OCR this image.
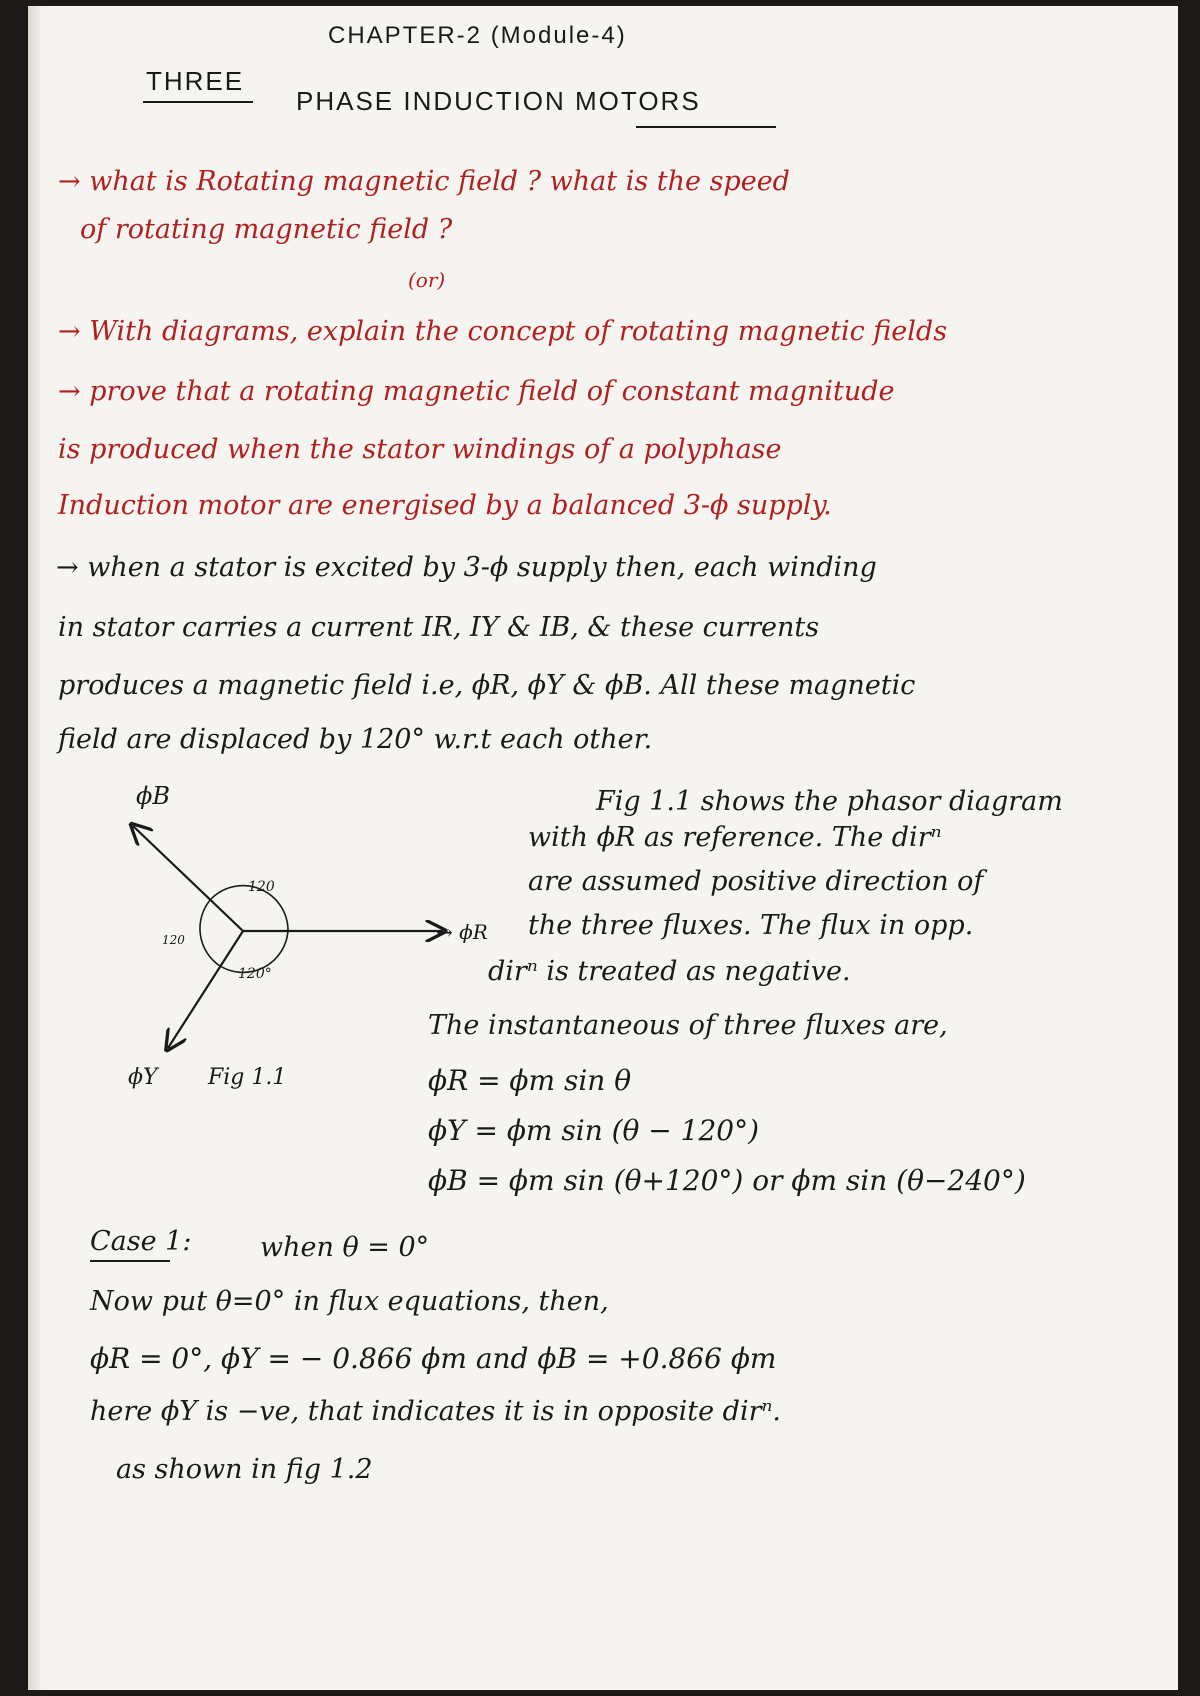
CHAPTER-2 (Module-4)
THREE
PHASE INDUCTION MOTORS
→ what is Rotating magnetic field ? what is the speed
of rotating magnetic field ?
(or)
→ With diagrams, explain the concept of rotating magnetic fields
→ prove that a rotating magnetic field of constant magnitude
is produced when the stator windings of a polyphase
Induction motor are energised by a balanced 3-ϕ supply.
→ when a stator is excited by 3-ϕ supply then, each winding
in stator carries a current IR, IY & IB, & these currents
produces a magnetic field i.e, ϕR, ϕY & ϕB. All these magnetic
field are displaced by 120° w.r.t each other.
120
120°
120
ϕB
→ ϕR
ϕY Fig 1.1
Fig 1.1 shows the phasor diagram
with ϕR as reference. The dirⁿ
are assumed positive direction of
the three fluxes. The flux in opp.
dirⁿ is treated as negative.
The instantaneous of three fluxes are,
ϕR = ϕm sin θ
ϕY = ϕm sin (θ − 120°)
ϕB = ϕm sin (θ+120°) or ϕm sin (θ−240°)
Case 1:	when θ = 0°
Now put θ=0° in flux equations, then,
ϕR = 0°, ϕY = − 0.866 ϕm and ϕB = +0.866 ϕm
here ϕY is −ve, that indicates it is in opposite dirⁿ.
as shown in fig 1.2
